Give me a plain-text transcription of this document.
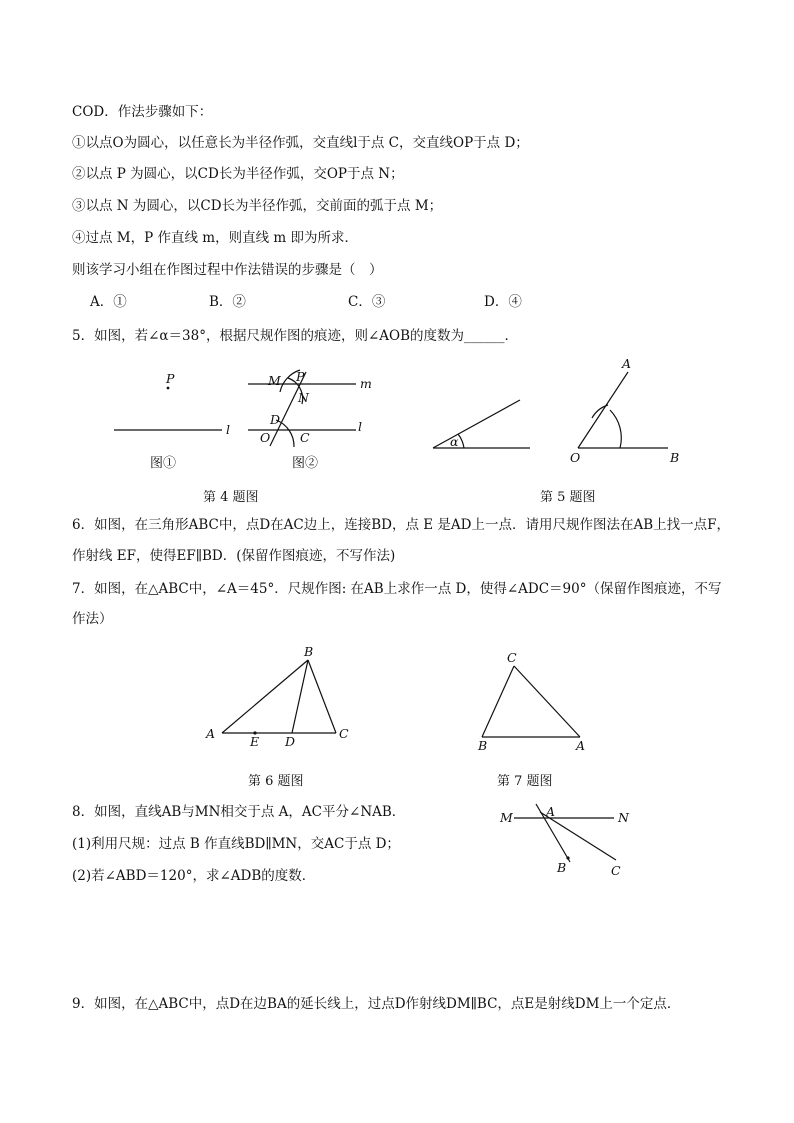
COD．作法步骤如下：
①以点O为圆心，以任意长为半径作弧，交直线l于点 C，交直线OP于点 D；
②以点 P 为圆心，以CD长为半径作弧，交OP于点 N；
③以点 N 为圆心，以CD长为半径作弧，交前面的弧于点 M；
④过点 M，P 作直线 m，则直线 m 即为所求．
则该学习小组在作图过程中作法错误的步骤是（　）
A．①	B．②	C．③	D．④
5．如图，若∠α＝38°，根据尺规作图的痕迹，则∠AOB的度数为______．
P
l
M P	m
N
D
O C
l
α
A
O	B
图①	图②
第 4 题图	第 5 题图
6．如图，在三角形ABC中，点D在AC边上，连接BD，点 E 是AD上一点．请用尺规作图法在AB上找一点F，
作射线 EF，使得EF∥BD．(保留作图痕迹，不写作法)
7．如图，在△ABC中，∠A＝45°．尺规作图: 在AB上求作一点 D，使得∠ADC＝90°（保留作图痕迹，不写
作法）
A
B
C
D
E
C
B	A
M	A	N
B	C
第 6 题图	第 7 题图
8．如图，直线AB与MN相交于点 A，AC平分∠NAB．
(1)利用尺规：过点 B 作直线BD∥MN，交AC于点 D；
(2)若∠ABD＝120°，求∠ADB的度数．
9．如图，在△ABC中，点D在边BA的延长线上，过点D作射线DM∥BC，点E是射线DM上一个定点．
